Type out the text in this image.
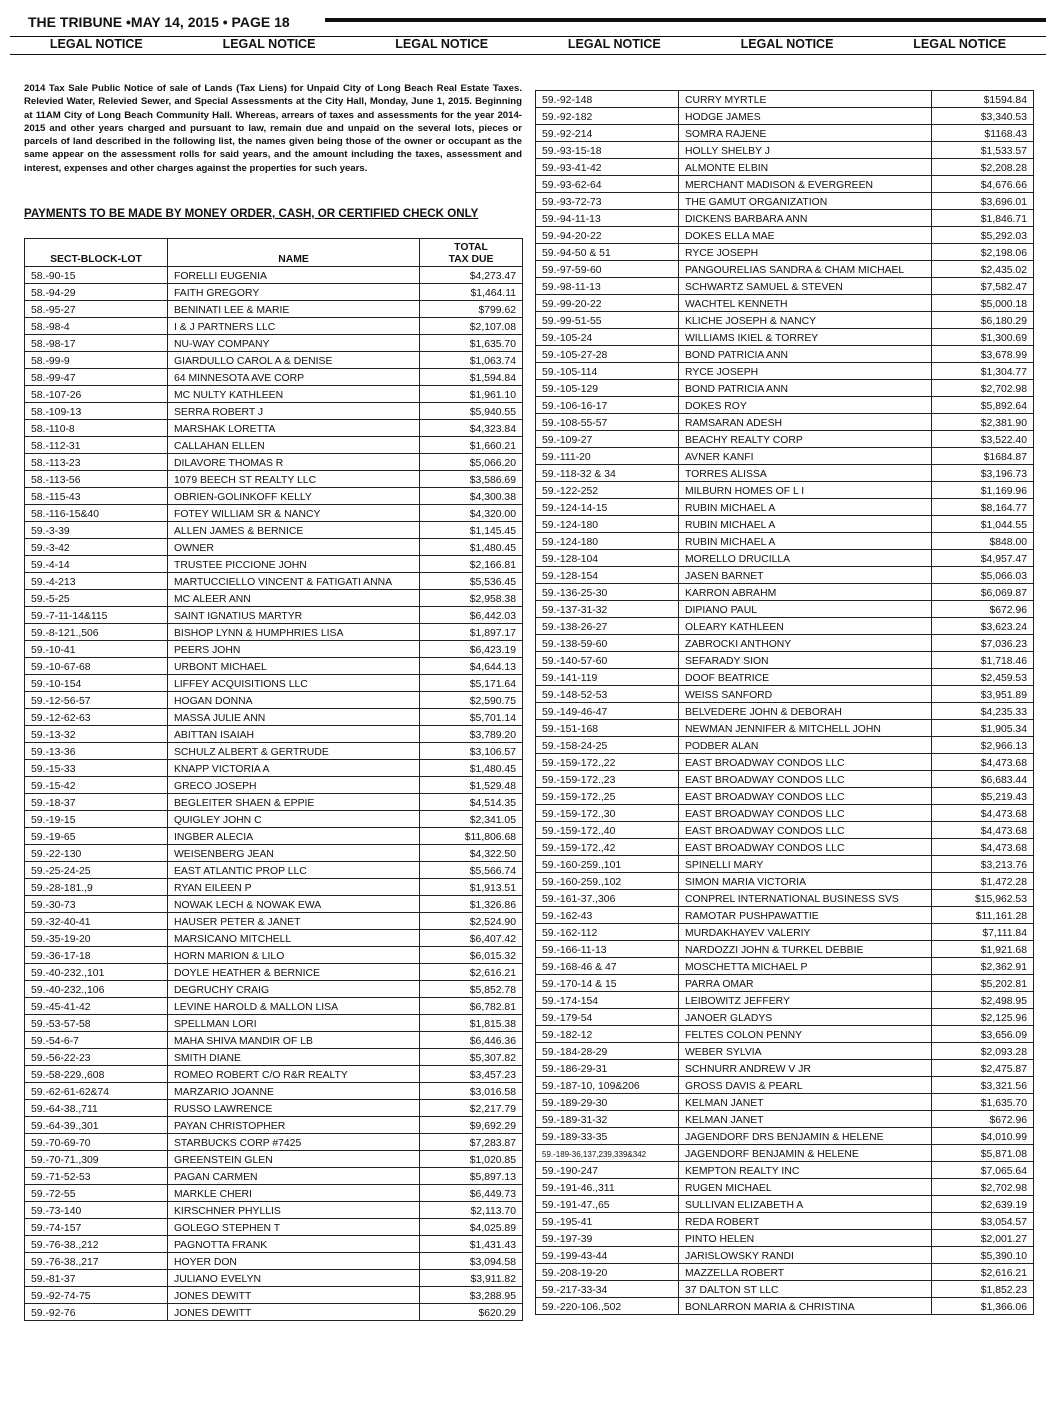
THE TRIBUNE •MAY 14, 2015 • PAGE 18
LEGAL NOTICE	LEGAL NOTICE	LEGAL NOTICE	LEGAL NOTICE	LEGAL NOTICE	LEGAL NOTICE

2014 Tax Sale Public Notice of sale of Lands (Tax Liens) for Unpaid City of Long Beach Real Estate Taxes. Relevied Water, Relevied Sewer, and Special Assessments at the City Hall, Monday, June 1, 2015. Beginning at 11AM City of Long Beach Community Hall. Whereas, arrears of taxes and assessments for the year 2014-2015 and other years charged and pursuant to law, remain due and unpaid on the several lots, pieces or parcels of land described in the following list, the names given being those of the owner or occupant as the same appear on the assessment rolls for said years, and the amount including the taxes, assessment and interest, expenses and other charges against the properties for such years.

PAYMENTS TO BE MADE BY MONEY ORDER, CASH, OR CERTIFIED CHECK ONLY

SECT-BLOCK-LOT	NAME	TOTAL
TAX DUE
58.-90-15	FORELLI EUGENIA	$4,273.47
58.-94-29	FAITH GREGORY	$1,464.11
58.-95-27	BENINATI LEE & MARIE	$799.62
58.-98-4	I & J PARTNERS LLC	$2,107.08
58.-98-17	NU-WAY COMPANY	$1,635.70
58.-99-9	GIARDULLO CAROL A & DENISE	$1,063.74
58.-99-47	64 MINNESOTA AVE CORP	$1,594.84
58.-107-26	MC NULTY KATHLEEN	$1,961.10
58.-109-13	SERRA ROBERT J	$5,940.55
58.-110-8	MARSHAK LORETTA	$4,323.84
58.-112-31	CALLAHAN ELLEN	$1,660.21
58.-113-23	DILAVORE THOMAS R	$5,066.20
58.-113-56	1079 BEECH ST REALTY LLC	$3,586.69
58.-115-43	OBRIEN-GOLINKOFF KELLY	$4,300.38
58.-116-15&40	FOTEY WILLIAM SR & NANCY	$4,320.00
59.-3-39	ALLEN JAMES & BERNICE	$1,145.45
59.-3-42	OWNER	$1,480.45
59.-4-14	TRUSTEE PICCIONE JOHN	$2,166.81
59.-4-213	MARTUCCIELLO VINCENT & FATIGATI ANNA	$5,536.45
59.-5-25	MC ALEER ANN	$2,958.38
59.-7-11-14&115	SAINT IGNATIUS MARTYR	$6,442.03
59.-8-121.,506	BISHOP LYNN & HUMPHRIES LISA	$1,897.17
59.-10-41	PEERS JOHN	$6,423.19
59.-10-67-68	URBONT MICHAEL	$4,644.13
59.-10-154	LIFFEY ACQUISITIONS LLC	$5,171.64
59.-12-56-57	HOGAN DONNA	$2,590.75
59.-12-62-63	MASSA JULIE ANN	$5,701.14
59.-13-32	ABITTAN ISAIAH	$3,789.20
59.-13-36	SCHULZ ALBERT & GERTRUDE	$3,106.57
59.-15-33	KNAPP VICTORIA A	$1,480.45
59.-15-42	GRECO JOSEPH	$1,529.48
59.-18-37	BEGLEITER SHAEN & EPPIE	$4,514.35
59.-19-15	QUIGLEY JOHN C	$2,341.05
59.-19-65	INGBER ALECIA	$11,806.68
59.-22-130	WEISENBERG JEAN	$4,322.50
59.-25-24-25	EAST ATLANTIC PROP LLC	$5,566.74
59.-28-181.,9	RYAN EILEEN P	$1,913.51
59.-30-73	NOWAK LECH & NOWAK EWA	$1,326.86
59.-32-40-41	HAUSER PETER & JANET	$2,524.90
59.-35-19-20	MARSICANO MITCHELL	$6,407.42
59.-36-17-18	HORN MARION & LILO	$6,015.32
59.-40-232.,101	DOYLE HEATHER & BERNICE	$2,616.21
59.-40-232.,106	DEGRUCHY CRAIG	$5,852.78
59.-45-41-42	LEVINE HAROLD & MALLON LISA	$6,782.81
59.-53-57-58	SPELLMAN LORI	$1,815.38
59.-54-6-7	MAHA SHIVA MANDIR OF LB	$6,446.36
59.-56-22-23	SMITH DIANE	$5,307.82
59.-58-229.,608	ROMEO ROBERT C/O R&R REALTY	$3,457.23
59.-62-61-62&74	MARZARIO JOANNE	$3,016.58
59.-64-38.,711	RUSSO LAWRENCE	$2,217.79
59.-64-39.,301	PAYAN CHRISTOPHER	$9,692.29
59.-70-69-70	STARBUCKS CORP #7425	$7,283.87
59.-70-71.,309	GREENSTEIN GLEN	$1,020.85
59.-71-52-53	PAGAN CARMEN	$5,897.13
59.-72-55	MARKLE CHERI	$6,449.73
59.-73-140	KIRSCHNER PHYLLIS	$2,113.70
59.-74-157	GOLEGO STEPHEN T	$4,025.89
59.-76-38.,212	PAGNOTTA FRANK	$1,431.43
59.-76-38.,217	HOYER DON	$3,094.58
59.-81-37	JULIANO EVELYN	$3,911.82
59.-92-74-75	JONES DEWITT	$3,288.95
59.-92-76	JONES DEWITT	$620.29
59.-92-148	CURRY MYRTLE	$1594.84
59.-92-182	HODGE JAMES	$3,340.53
59.-92-214	SOMRA RAJENE	$1168.43
59.-93-15-18	HOLLY SHELBY J	$1,533.57
59.-93-41-42	ALMONTE ELBIN	$2,208.28
59.-93-62-64	MERCHANT MADISON & EVERGREEN	$4,676.66
59.-93-72-73	THE GAMUT ORGANIZATION	$3,696.01
59.-94-11-13	DICKENS BARBARA ANN	$1,846.71
59.-94-20-22	DOKES ELLA MAE	$5,292.03
59.-94-50 & 51	RYCE JOSEPH	$2,198.06
59.-97-59-60	PANGOURELIAS SANDRA & CHAM MICHAEL	$2,435.02
59.-98-11-13	SCHWARTZ SAMUEL & STEVEN	$7,582.47
59.-99-20-22	WACHTEL KENNETH	$5,000.18
59.-99-51-55	KLICHE JOSEPH & NANCY	$6,180.29
59.-105-24	WILLIAMS IKIEL & TORREY	$1,300.69
59.-105-27-28	BOND PATRICIA ANN	$3,678.99
59.-105-114	RYCE JOSEPH	$1,304.77
59.-105-129	BOND PATRICIA ANN	$2,702.98
59.-106-16-17	DOKES ROY	$5,892.64
59.-108-55-57	RAMSARAN ADESH	$2,381.90
59.-109-27	BEACHY REALTY CORP	$3,522.40
59.-111-20	AVNER KANFI	$1684.87
59.-118-32 & 34	TORRES ALISSA	$3,196.73
59.-122-252	MILBURN HOMES OF L I	$1,169.96
59.-124-14-15	RUBIN MICHAEL A	$8,164.77
59.-124-180	RUBIN MICHAEL A	$1,044.55
59.-124-180	RUBIN MICHAEL A	$848.00
59.-128-104	MORELLO DRUCILLA	$4,957.47
59.-128-154	JASEN BARNET	$5,066.03
59.-136-25-30	KARRON ABRAHM	$6,069.87
59.-137-31-32	DIPIANO PAUL	$672.96
59.-138-26-27	OLEARY KATHLEEN	$3,623.24
59.-138-59-60	ZABROCKI ANTHONY	$7,036.23
59.-140-57-60	SEFARADY SION	$1,718.46
59.-141-119	DOOF BEATRICE	$2,459.53
59.-148-52-53	WEISS SANFORD	$3,951.89
59.-149-46-47	BELVEDERE JOHN & DEBORAH	$4,235.33
59.-151-168	NEWMAN JENNIFER & MITCHELL JOHN	$1,905.34
59.-158-24-25	PODBER ALAN	$2,966.13
59.-159-172.,22	EAST BROADWAY CONDOS LLC	$4,473.68
59.-159-172.,23	EAST BROADWAY CONDOS LLC	$6,683.44
59.-159-172.,25	EAST BROADWAY CONDOS LLC	$5,219.43
59.-159-172.,30	EAST BROADWAY CONDOS LLC	$4,473.68
59.-159-172.,40	EAST BROADWAY CONDOS LLC	$4,473.68
59.-159-172.,42	EAST BROADWAY CONDOS LLC	$4,473.68
59.-160-259.,101	SPINELLI MARY	$3,213.76
59.-160-259.,102	SIMON MARIA VICTORIA	$1,472.28
59.-161-37.,306	CONPREL INTERNATIONAL BUSINESS SVS	$15,962.53
59.-162-43	RAMOTAR PUSHPAWATTIE	$11,161.28
59.-162-112	MURDAKHAYEV VALERIY	$7,111.84
59.-166-11-13	NARDOZZI JOHN & TURKEL DEBBIE	$1,921.68
59.-168-46 & 47	MOSCHETTA MICHAEL P	$2,362.91
59.-170-14 & 15	PARRA OMAR	$5,202.81
59.-174-154	LEIBOWITZ JEFFERY	$2,498.95
59.-179-54	JANOER GLADYS	$2,125.96
59.-182-12	FELTES COLON PENNY	$3,656.09
59.-184-28-29	WEBER SYLVIA	$2,093.28
59.-186-29-31	SCHNURR ANDREW V JR	$2,475.87
59.-187-10, 109&206	GROSS DAVIS & PEARL	$3,321.56
59.-189-29-30	KELMAN JANET	$1,635.70
59.-189-31-32	KELMAN JANET	$672.96
59.-189-33-35	JAGENDORF DRS BENJAMIN & HELENE	$4,010.99
59.-189-36,137,239,339&342	JAGENDORF BENJAMIN & HELENE	$5,871.08
59.-190-247	KEMPTON REALTY INC	$7,065.64
59.-191-46.,311	RUGEN MICHAEL	$2,702.98
59.-191-47.,65	SULLIVAN ELIZABETH A	$2,639.19
59.-195-41	REDA ROBERT	$3,054.57
59.-197-39	PINTO HELEN	$2,001.27
59.-199-43-44	JARISLOWSKY RANDI	$5,390.10
59.-208-19-20	MAZZELLA ROBERT	$2,616.21
59.-217-33-34	37 DALTON ST LLC	$1,852.23
59.-220-106.,502	BONLARRON MARIA & CHRISTINA	$1,366.06
